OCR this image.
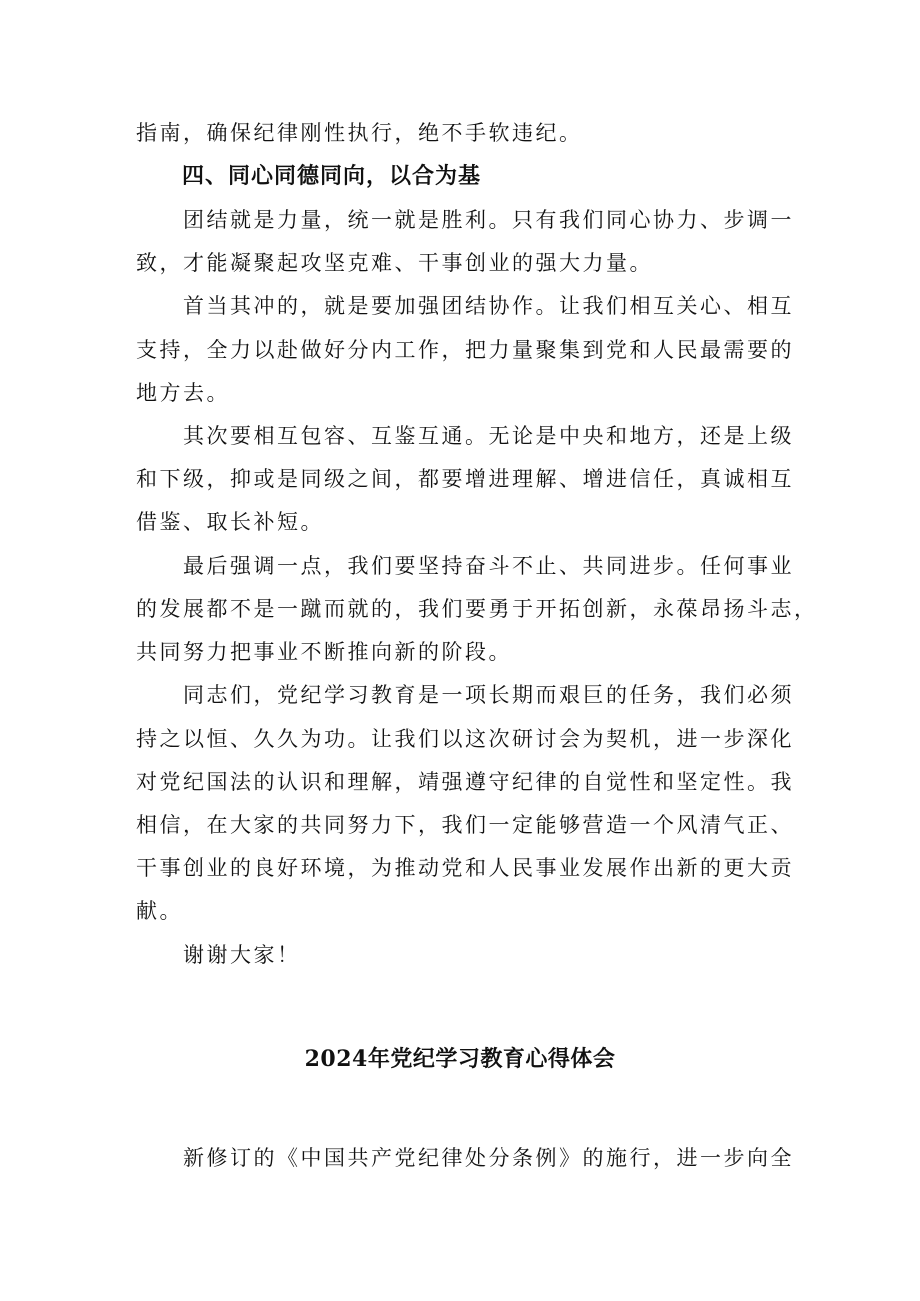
指南，确保纪律刚性执行，绝不手软违纪。
四、同心同德同向，以合为基
团结就是力量，统一就是胜利。只有我们同心协力、步调一
致，才能凝聚起攻坚克难、干事创业的强大力量。
首当其冲的，就是要加强团结协作。让我们相互关心、相互
支持，全力以赴做好分内工作，把力量聚集到党和人民最需要的
地方去。
其次要相互包容、互鉴互通。无论是中央和地方，还是上级
和下级，抑或是同级之间，都要增进理解、增进信任，真诚相互
借鉴、取长补短。
最后强调一点，我们要坚持奋斗不止、共同进步。任何事业
的发展都不是一蹴而就的，我们要勇于开拓创新，永葆昂扬斗志，
共同努力把事业不断推向新的阶段。
同志们，党纪学习教育是一项长期而艰巨的任务，我们必须
持之以恒、久久为功。让我们以这次研讨会为契机，进一步深化
对党纪国法的认识和理解，靖强遵守纪律的自觉性和坚定性。我
相信，在大家的共同努力下，我们一定能够营造一个风清气正、
干事创业的良好环境，为推动党和人民事业发展作出新的更大贡
献。
谢谢大家！
2024年党纪学习教育心得体会
新修订的《中国共产党纪律处分条例》的施行，进一步向全
